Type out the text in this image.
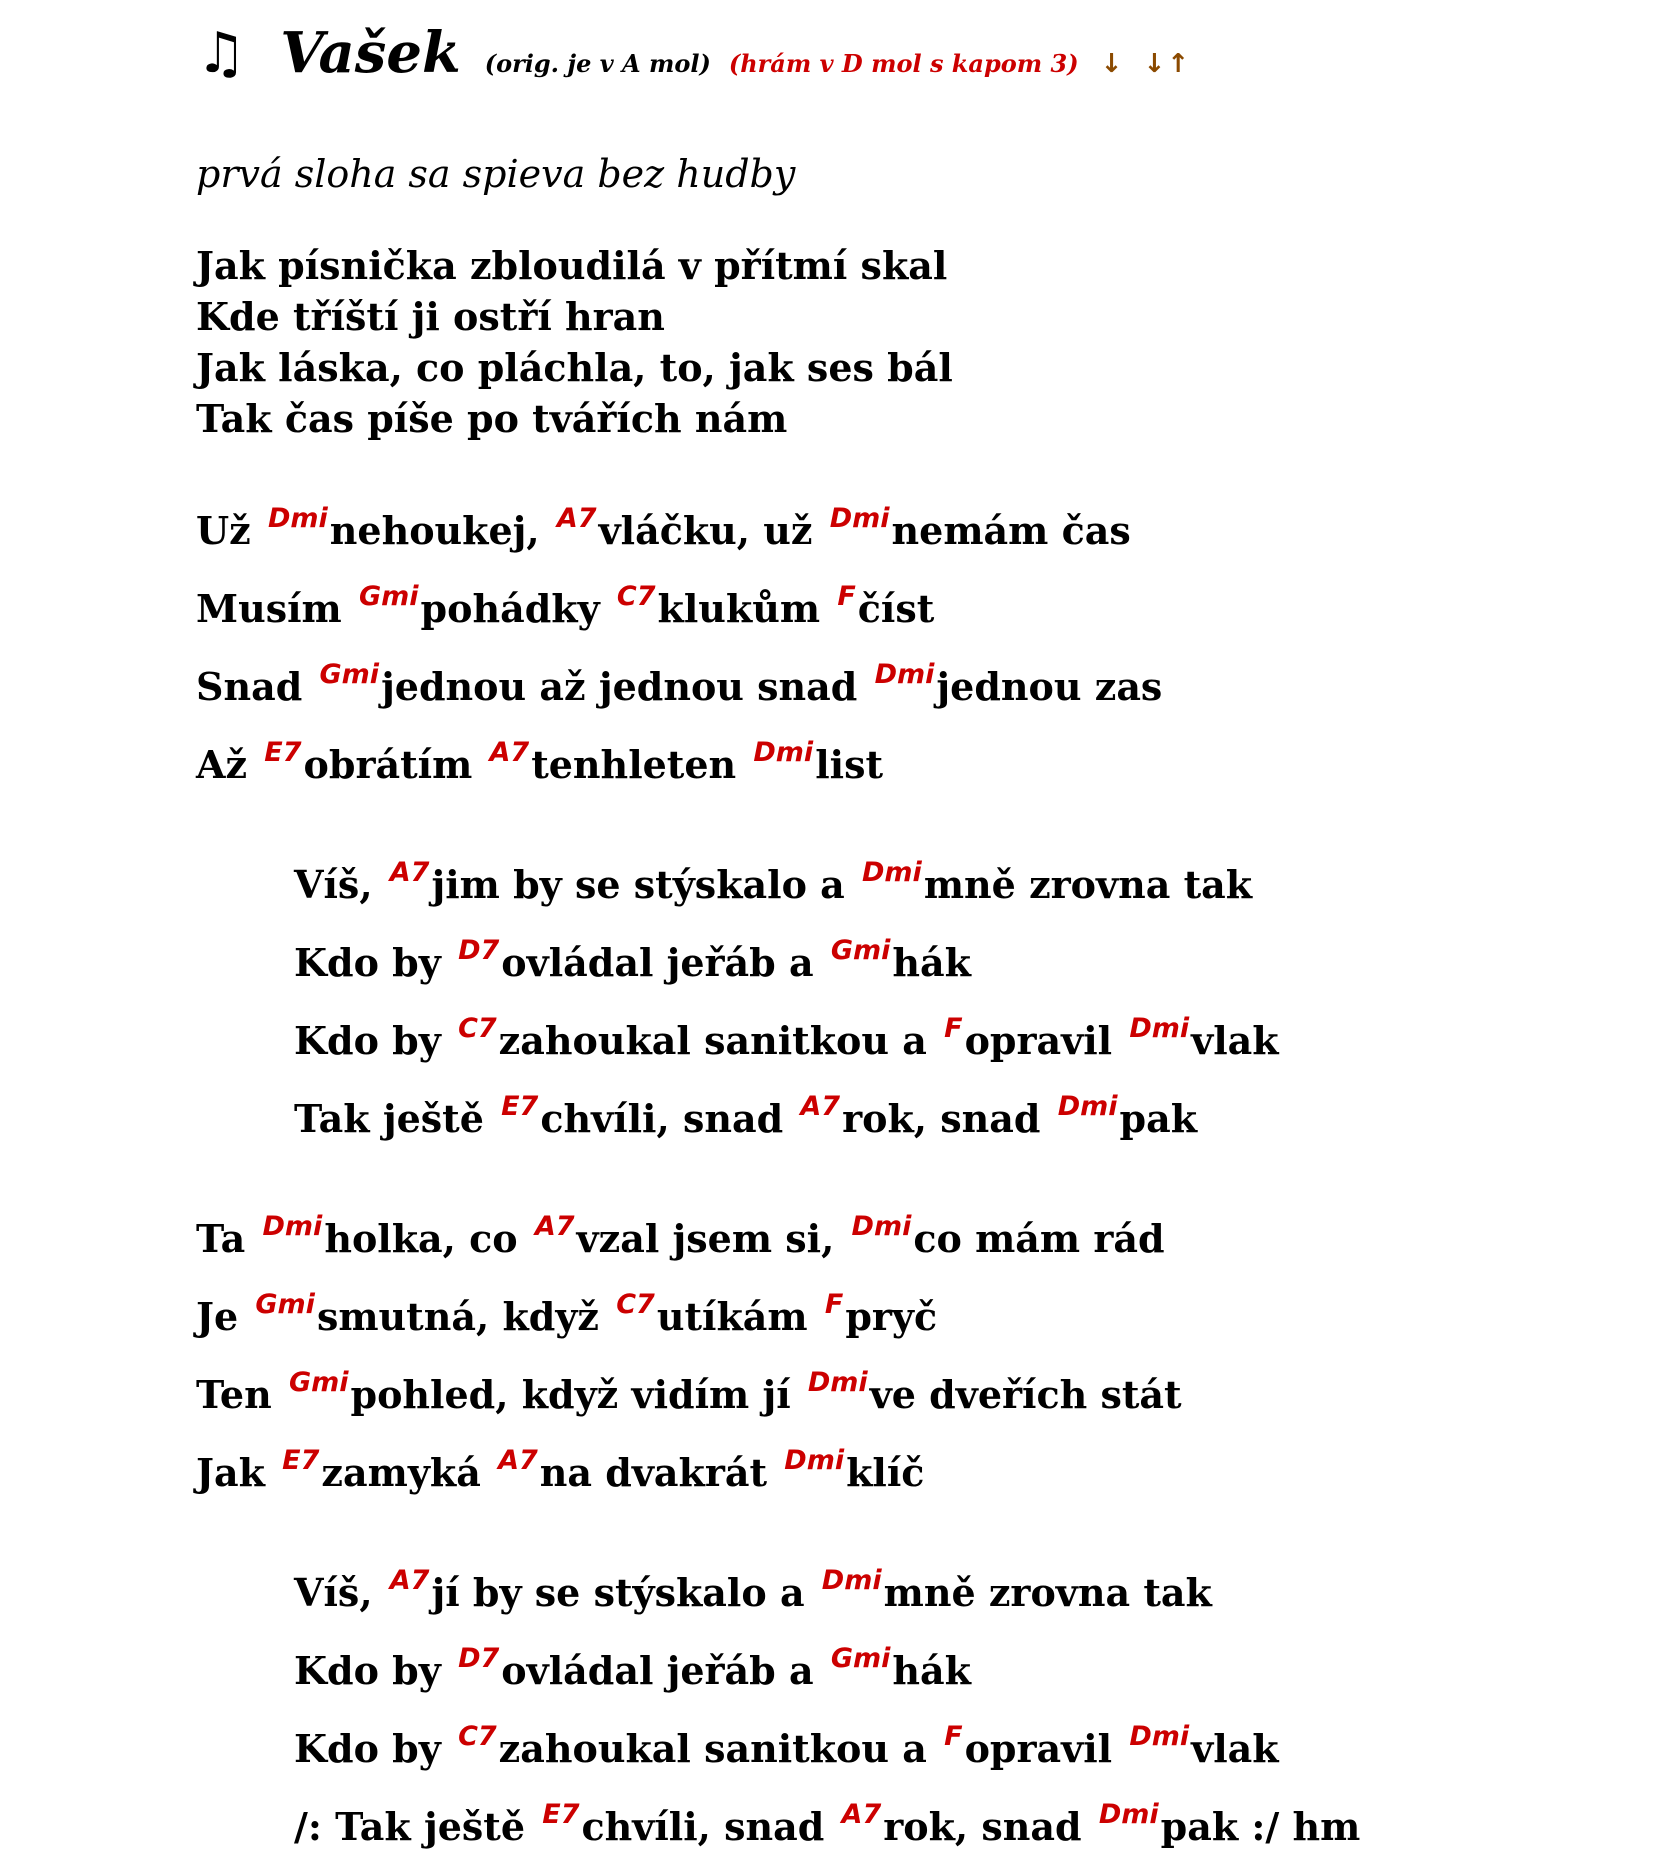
♫ Vašek (orig. je v A mol) (hrám v D mol s kapom 3) ↓ ↓↑
prvá sloha sa spieva bez hudby
Jak písnička zbloudilá v přítmí skal
Kde tříští ji ostří hran
Jak láska, co pláchla, to, jak ses bál
Tak čas píše po tvářích nám
Už $^{Dmi}$nehoukej, $^{A7}$vláčku, už $^{Dmi}$nemám čas
Musím $^{Gmi}$pohádky $^{C7}$klukům $^F$číst
Snad $^{Gmi}$jednou až jednou snad $^{Dmi}$jednou zas
Až $^{E7}$obrátím $^{A7}$tenhleten $^{Dmi}$list
Víš, $^{A7}$jim by se stýskalo a $^{Dmi}$mně zrovna tak
Kdo by $^{D7}$ovládal jeřáb a $^{Gmi}$hák
Kdo by $^{C7}$zahoukal sanitkou a $^F$opravil $^{Dmi}$vlak
Tak ještě $^{E7}$chvíli, snad $^{A7}$rok, snad $^{Dmi}$pak
Ta $^{Dmi}$holka, co $^{A7}$vzal jsem si, $^{Dmi}$co mám rád
Je $^{Gmi}$smutná, když $^{C7}$utíkám $^F$pryč
Ten $^{Gmi}$pohled, když vidím jí $^{Dmi}$ve dveřích stát
Jak $^{E7}$zamyká $^{A7}$na dvakrát $^{Dmi}$klíč
Víš, $^{A7}$jí by se stýskalo a $^{Dmi}$mně zrovna tak
Kdo by $^{D7}$ovládal jeřáb a $^{Gmi}$hák
Kdo by $^{C7}$zahoukal sanitkou a $^F$opravil $^{Dmi}$vlak
/: Tak ještě $^{E7}$chvíli, snad $^{A7}$rok, snad $^{Dmi}$pak :/ hm
